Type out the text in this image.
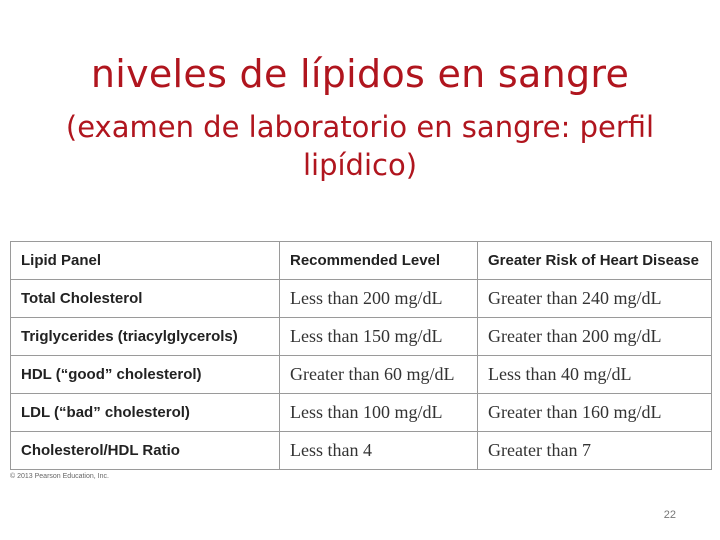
niveles de lípidos en sangre
(examen de laboratorio en sangre: perfil lipídico)
Lipid Panel	Recommended Level	Greater Risk of Heart Disease
Total Cholesterol	Less than 200 mg/dL	Greater than 240 mg/dL
Triglycerides (triacylglycerols)	Less than 150 mg/dL	Greater than 200 mg/dL
HDL (“good” cholesterol)	Greater than 60 mg/dL	Less than 40 mg/dL
LDL (“bad” cholesterol)	Less than 100 mg/dL	Greater than 160 mg/dL
Cholesterol/HDL Ratio	Less than 4	Greater than 7
© 2013 Pearson Education, Inc.
22
